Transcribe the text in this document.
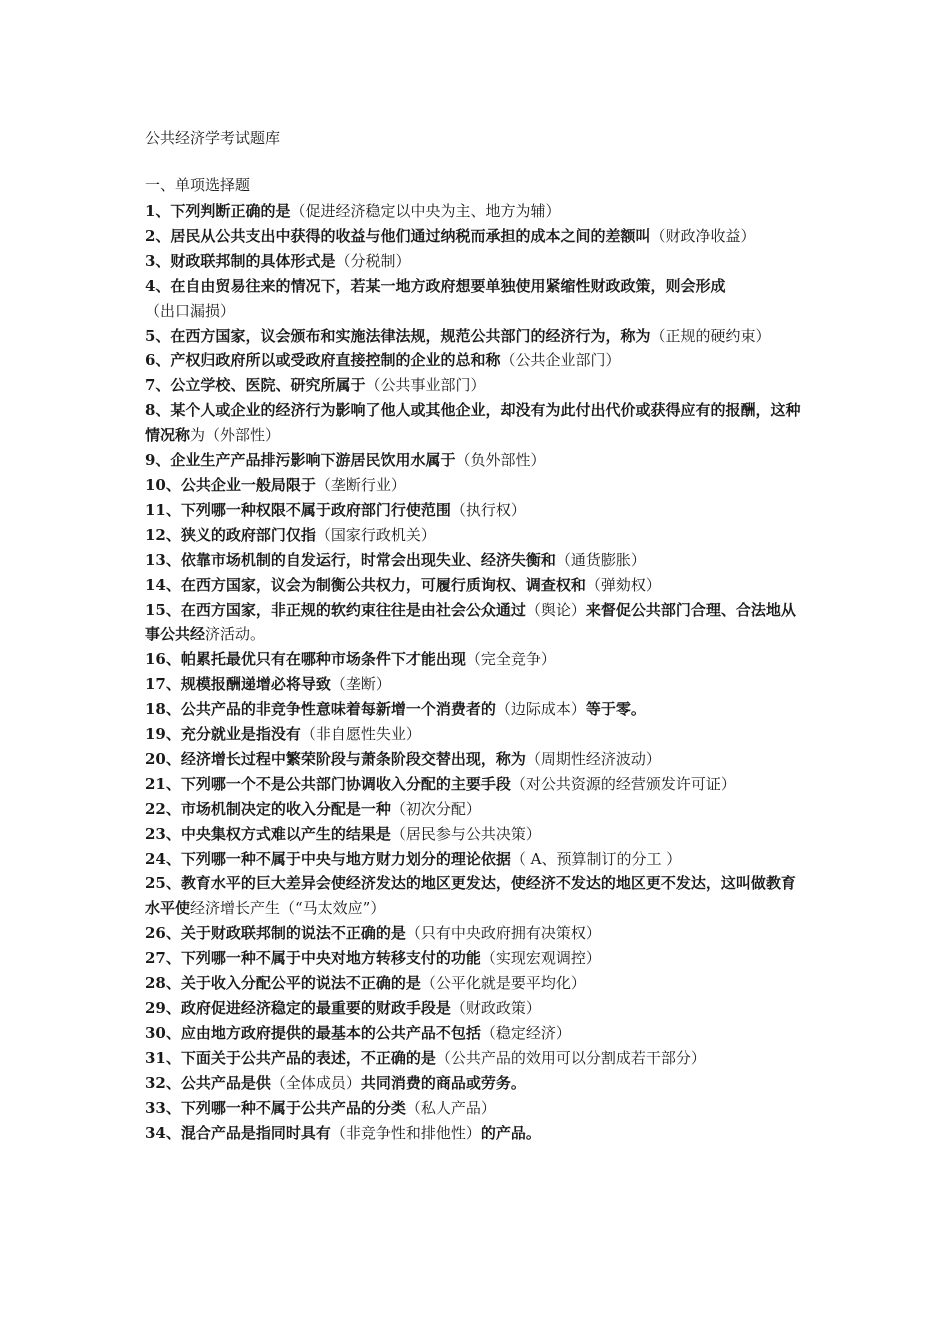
公共经济学考试题库
一、单项选择题
1、下列判断正确的是（促进经济稳定以中央为主、地方为辅）
2、居民从公共支出中获得的收益与他们通过纳税而承担的成本之间的差额叫（财政净收益）
3、财政联邦制的具体形式是（分税制）
4、在自由贸易往来的情况下，若某一地方政府想要单独使用紧缩性财政政策，则会形成（出口漏损）
5、在西方国家，议会颁布和实施法律法规，规范公共部门的经济行为，称为（正规的硬约束）
6、产权归政府所以或受政府直接控制的企业的总和称（公共企业部门）
7、公立学校、医院、研究所属于（公共事业部门）
8、某个人或企业的经济行为影响了他人或其他企业，却没有为此付出代价或获得应有的报酬，这种情况称为（外部性）
9、企业生产产品排污影响下游居民饮用水属于（负外部性）
10、公共企业一般局限于（垄断行业）
11、下列哪一种权限不属于政府部门行使范围（执行权）
12、狭义的政府部门仅指（国家行政机关）
13、依靠市场机制的自发运行，时常会出现失业、经济失衡和（通货膨胀）
14、在西方国家，议会为制衡公共权力，可履行质询权、调查权和（弹劾权）
15、在西方国家，非正规的软约束往往是由社会公众通过（舆论）来督促公共部门合理、合法地从事公共经济活动。
16、帕累托最优只有在哪种市场条件下才能出现（完全竞争）
17、规模报酬递增必将导致（垄断）
18、公共产品的非竞争性意味着每新增一个消费者的（边际成本）等于零。
19、充分就业是指没有（非自愿性失业）
20、经济增长过程中繁荣阶段与萧条阶段交替出现，称为（周期性经济波动）
21、下列哪一个不是公共部门协调收入分配的主要手段（对公共资源的经营颁发许可证）
22、市场机制决定的收入分配是一种（初次分配）
23、中央集权方式难以产生的结果是（居民参与公共决策）
24、下列哪一种不属于中央与地方财力划分的理论依据（ A、预算制订的分工 ）
25、教育水平的巨大差异会使经济发达的地区更发达，使经济不发达的地区更不发达，这叫做教育水平使经济增长产生（“马太效应”）
26、关于财政联邦制的说法不正确的是（只有中央政府拥有决策权）
27、下列哪一种不属于中央对地方转移支付的功能（实现宏观调控）
28、关于收入分配公平的说法不正确的是（公平化就是要平均化）
29、政府促进经济稳定的最重要的财政手段是（财政政策）
30、应由地方政府提供的最基本的公共产品不包括（稳定经济）
31、下面关于公共产品的表述，不正确的是（公共产品的效用可以分割成若干部分）
32、公共产品是供（全体成员）共同消费的商品或劳务。
33、下列哪一种不属于公共产品的分类（私人产品）
34、混合产品是指同时具有（非竞争性和排他性）的产品。
